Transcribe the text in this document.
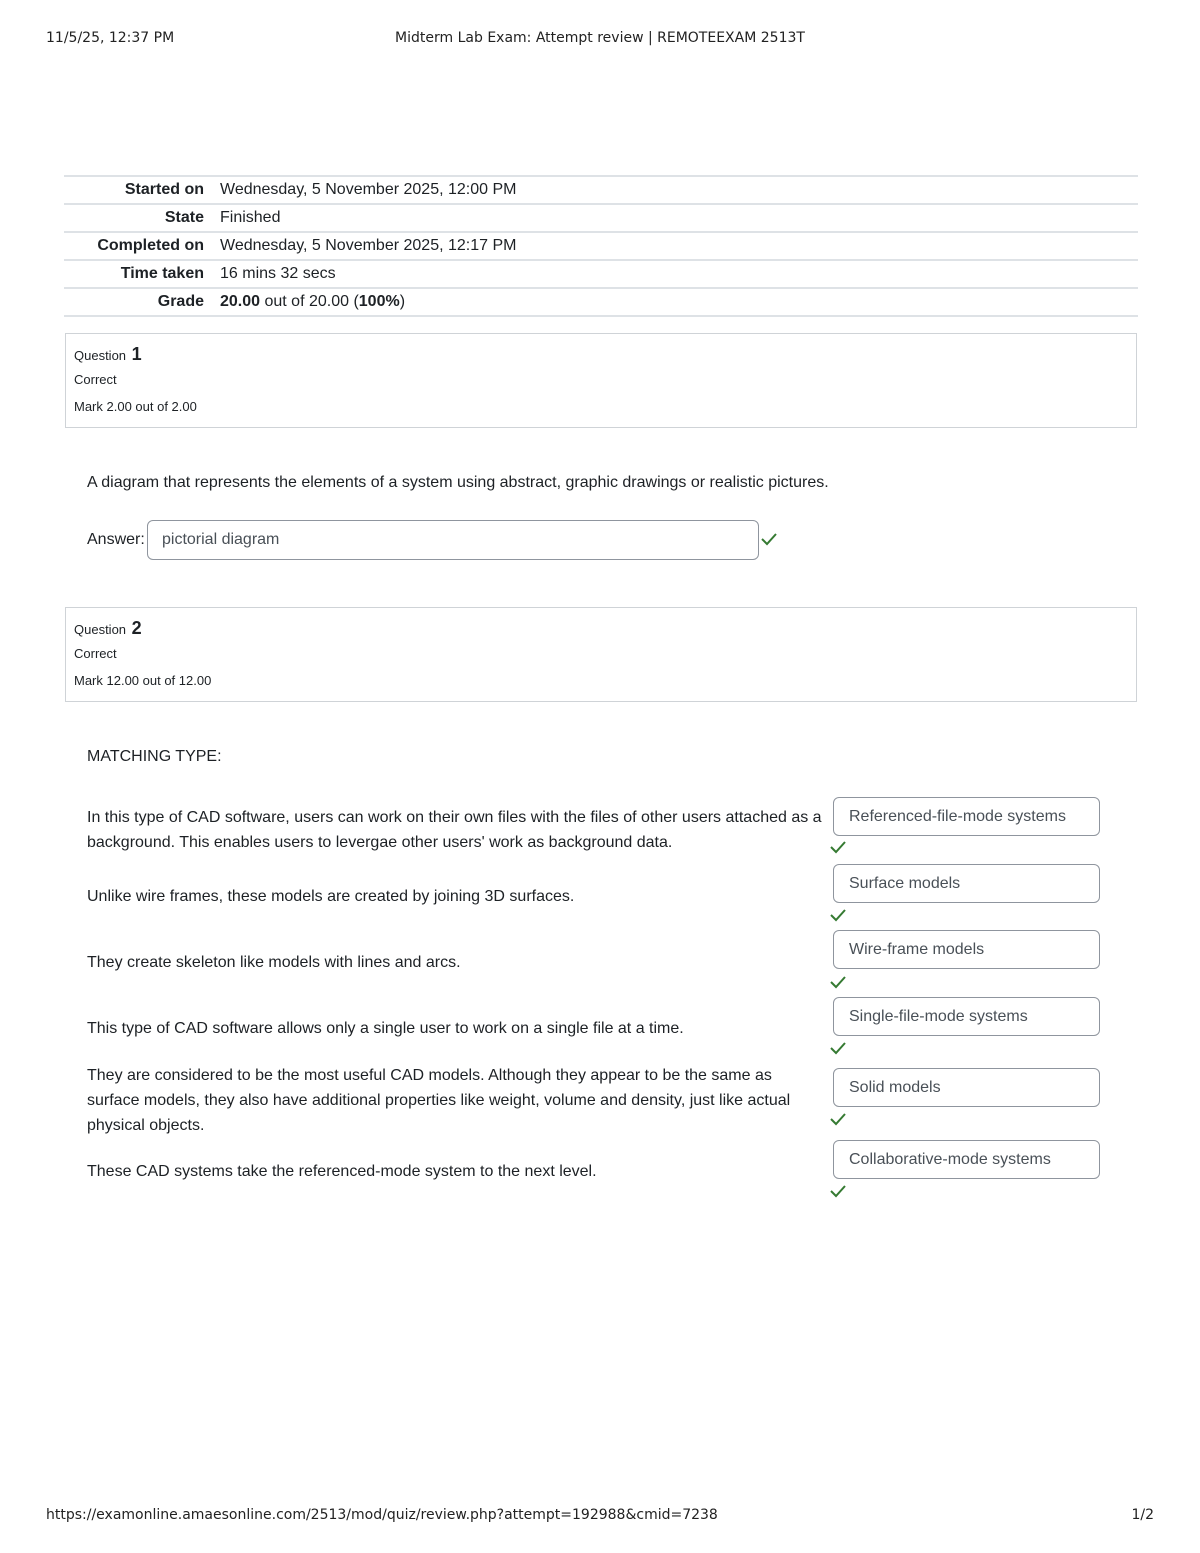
11/5/25, 12:37 PM	Midterm Lab Exam: Attempt review | REMOTEEXAM 2513T
Started on	Wednesday, 5 November 2025, 12:00 PM
State	Finished
Completed on	Wednesday, 5 November 2025, 12:17 PM
Time taken	16 mins 32 secs
Grade	20.00 out of 20.00 (100%)
Question 1
Correct
Mark 2.00 out of 2.00
A diagram that represents the elements of a system using abstract, graphic drawings or realistic pictures.
Answer:	pictorial diagram
Question 2
Correct
Mark 12.00 out of 12.00
MATCHING TYPE:
In this type of CAD software, users can work on their own files with the files of other users attached as a background. This enables users to levergae other users' work as background data.
Referenced-file-mode systems
Unlike wire frames, these models are created by joining 3D surfaces.
Surface models
They create skeleton like models with lines and arcs.
Wire-frame models
This type of CAD software allows only a single user to work on a single file at a time.
Single-file-mode systems
They are considered to be the most useful CAD models. Although they appear to be the same as surface models, they also have additional properties like weight, volume and density, just like actual physical objects.
Solid models
These CAD systems take the referenced-mode system to the next level.
Collaborative-mode systems
https://examonline.amaesonline.com/2513/mod/quiz/review.php?attempt=192988&cmid=7238	1/2
